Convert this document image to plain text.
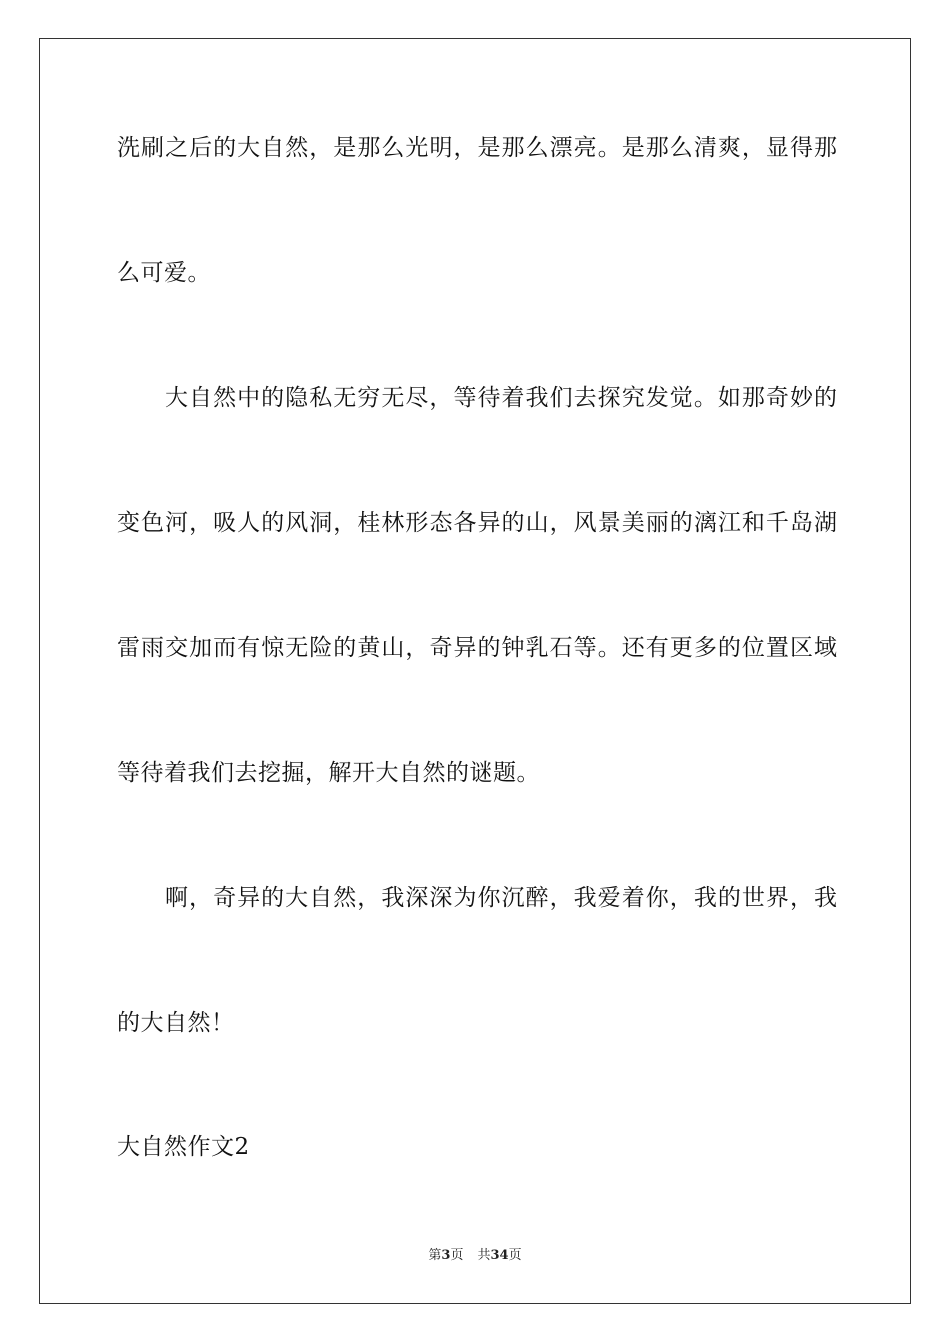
洗刷之后的大自然，是那么光明，是那么漂亮。是那么清爽，显得那
么可爱。
大自然中的隐私无穷无尽，等待着我们去探究发觉。如那奇妙的
变色河，吸人的风洞，桂林形态各异的山，风景美丽的漓江和千岛湖
雷雨交加而有惊无险的黄山，奇异的钟乳石等。还有更多的位置区域
等待着我们去挖掘，解开大自然的谜题。
啊，奇异的大自然，我深深为你沉醉，我爱着你，我的世界，我
的大自然！
大自然作文2
第3页 共34页
